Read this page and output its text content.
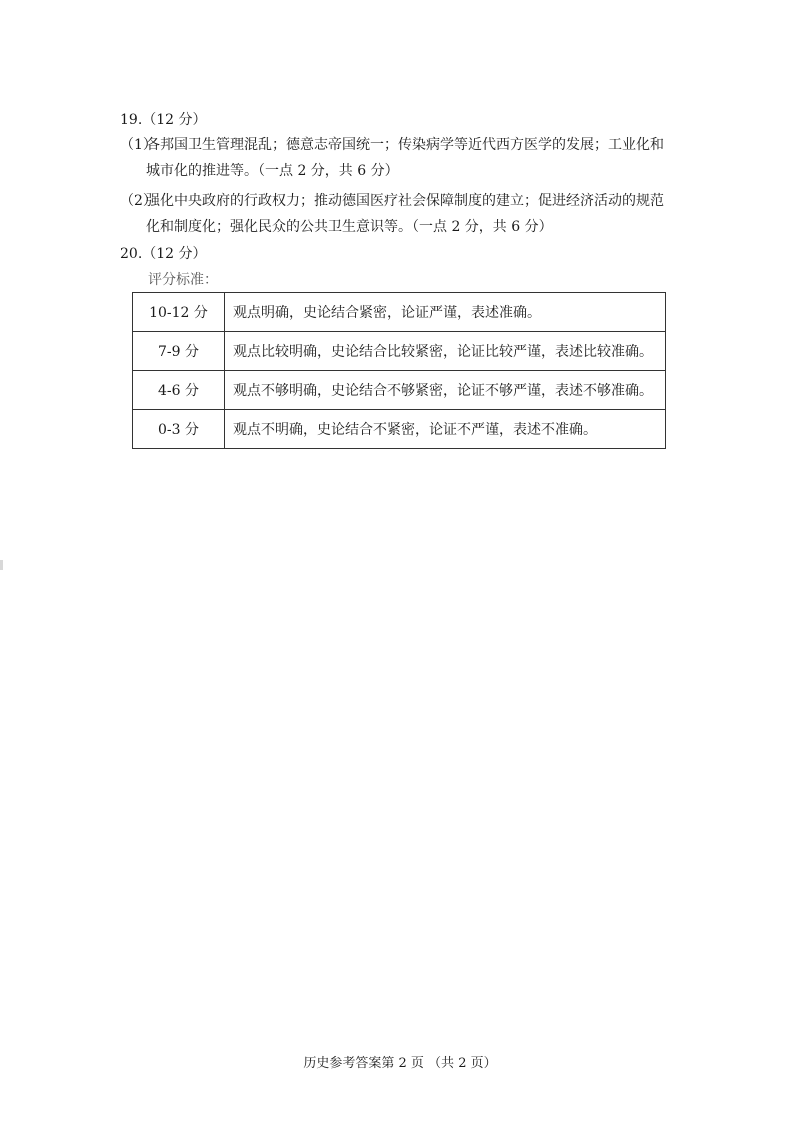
19.（12 分）
（1）各邦国卫生管理混乱；德意志帝国统一；传染病学等近代西方医学的发展；工业化和
城市化的推进等。（一点 2 分，共 6 分）
（2）强化中央政府的行政权力；推动德国医疗社会保障制度的建立；促进经济活动的规范
化和制度化；强化民众的公共卫生意识等。（一点 2 分，共 6 分）
20.（12 分）
评分标准：
10-12 分	观点明确，史论结合紧密，论证严谨，表述准确。
7-9 分	观点比较明确，史论结合比较紧密，论证比较严谨，表述比较准确。
4-6 分	观点不够明确，史论结合不够紧密，论证不够严谨，表述不够准确。
0-3 分	观点不明确，史论结合不紧密，论证不严谨，表述不准确。
历史参考答案第 2 页 （共 2 页）
